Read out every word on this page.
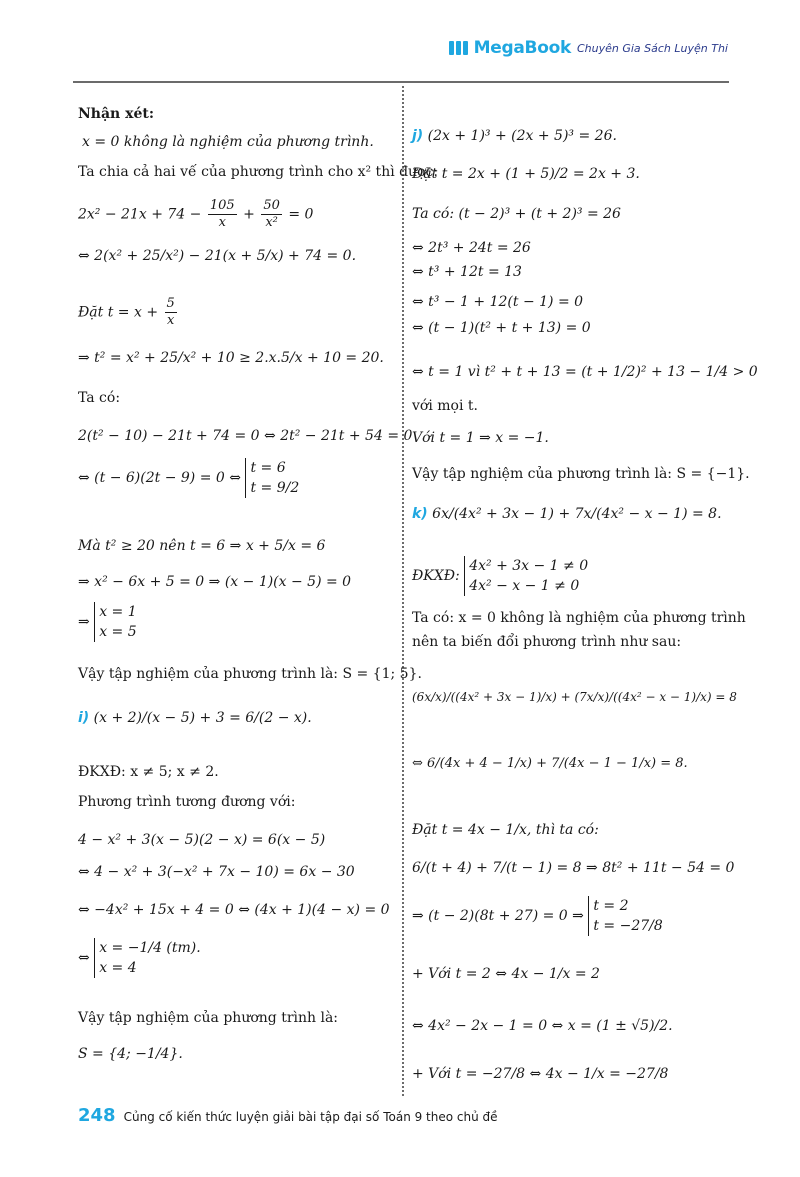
MegaBook Chuyên Gia Sách Luyện Thi
Nhận xét:
x = 0 không là nghiệm của phương trình.
Ta chia cả hai vế của phương trình cho x² thì được:
$2x^2 - 21x + 74 - \frac{105}{x} + \frac{50}{\text{x²}} = 0$
⇔ 2(x² + 25/x²) − 21(x + 5/x) + 74 = 0.
Đặt $t = x + \frac{5}{x}$
⇒ t² = x² + 25/x² + 10 ≥ 2.x.5/x + 10 = 20.
Ta có:
2(t² − 10) − 21t + 74 = 0 ⇔ 2t² − 21t + 54 = 0
⇔ (t − 6)(2t − 9) = 0 ⇔
t = 6
t = 9/2
Mà t² ≥ 20 nên t = 6 ⇒ x + 5/x = 6
⇒ x² − 6x + 5 = 0 ⇒ (x − 1)(x − 5) = 0
⇒
x = 1
x = 5
Vậy tập nghiệm của phương trình là: S = {1; 5}.
i) (x + 2)/(x − 5) + 3 = 6/(2 − x).
ĐKXĐ: x ≠ 5; x ≠ 2.
Phương trình tương đương với:
4 − x² + 3(x − 5)(2 − x) = 6(x − 5)
⇔ 4 − x² + 3(−x² + 7x − 10) = 6x − 30
⇔ −4x² + 15x + 4 = 0 ⇔ (4x + 1)(4 − x) = 0
⇔
x = −1/4 (tm).
x = 4
Vậy tập nghiệm của phương trình là:
S = {4; −1/4}.
j) (2x + 1)³ + (2x + 5)³ = 26.
Đặt t = 2x + (1 + 5)/2 = 2x + 3.
Ta có: (t − 2)³ + (t + 2)³ = 26
⇔ 2t³ + 24t = 26
⇔ t³ + 12t = 13
⇔ t³ − 1 + 12(t − 1) = 0
⇔ (t − 1)(t² + t + 13) = 0
⇔ t = 1 vì t² + t + 13 = (t + 1/2)² + 13 − 1/4 > 0
với mọi t.
Với t = 1 ⇒ x = −1.
Vậy tập nghiệm của phương trình là: S = {−1}.
k) 6x/(4x² + 3x − 1) + 7x/(4x² − x − 1) = 8.
ĐKXĐ:
4x² + 3x − 1 ≠ 0
4x² − x − 1 ≠ 0
Ta có: x = 0 không là nghiệm của phương trình
nên ta biến đổi phương trình như sau:
(6x/x)/((4x² + 3x − 1)/x) + (7x/x)/((4x² − x − 1)/x) = 8
⇔ 6/(4x + 4 − 1/x) + 7/(4x − 1 − 1/x) = 8.
Đặt t = 4x − 1/x, thì ta có:
6/(t + 4) + 7/(t − 1) = 8 ⇒ 8t² + 11t − 54 = 0
⇒ (t − 2)(8t + 27) = 0 ⇒
t = 2
t = −27/8
+ Với t = 2 ⇔ 4x − 1/x = 2
⇔ 4x² − 2x − 1 = 0 ⇔ x = (1 ± √5)/2.
+ Với t = −27/8 ⇔ 4x − 1/x = −27/8
248 Củng cố kiến thức luyện giải bài tập đại số Toán 9 theo chủ đề
